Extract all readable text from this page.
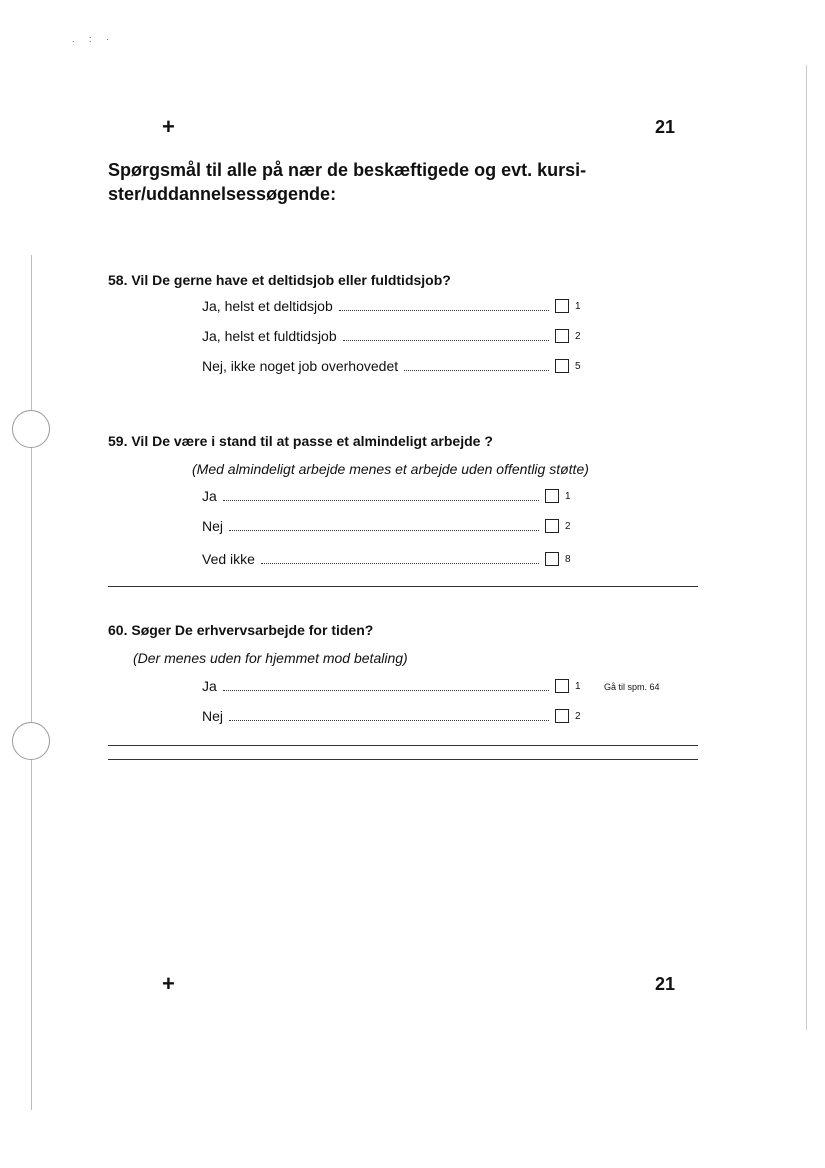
. : ·
+	21
Spørgsmål til alle på nær de beskæftigede og evt. kursi-ster/uddannelsessøgende:
58. Vil De gerne have et deltidsjob eller fuldtidsjob?
Ja, helst et deltidsjob	1
Ja, helst et fuldtidsjob	2
Nej, ikke noget job overhovedet	5
59. Vil De være i stand til at passe et almindeligt arbejde ?
(Med almindeligt arbejde menes et arbejde uden offentlig støtte)
Ja	1
Nej	2
Ved ikke	8
60. Søger De erhvervsarbejde for tiden?
(Der menes uden for hjemmet mod betaling)
Ja	1	Gå til spm. 64
Nej	2
+	21
